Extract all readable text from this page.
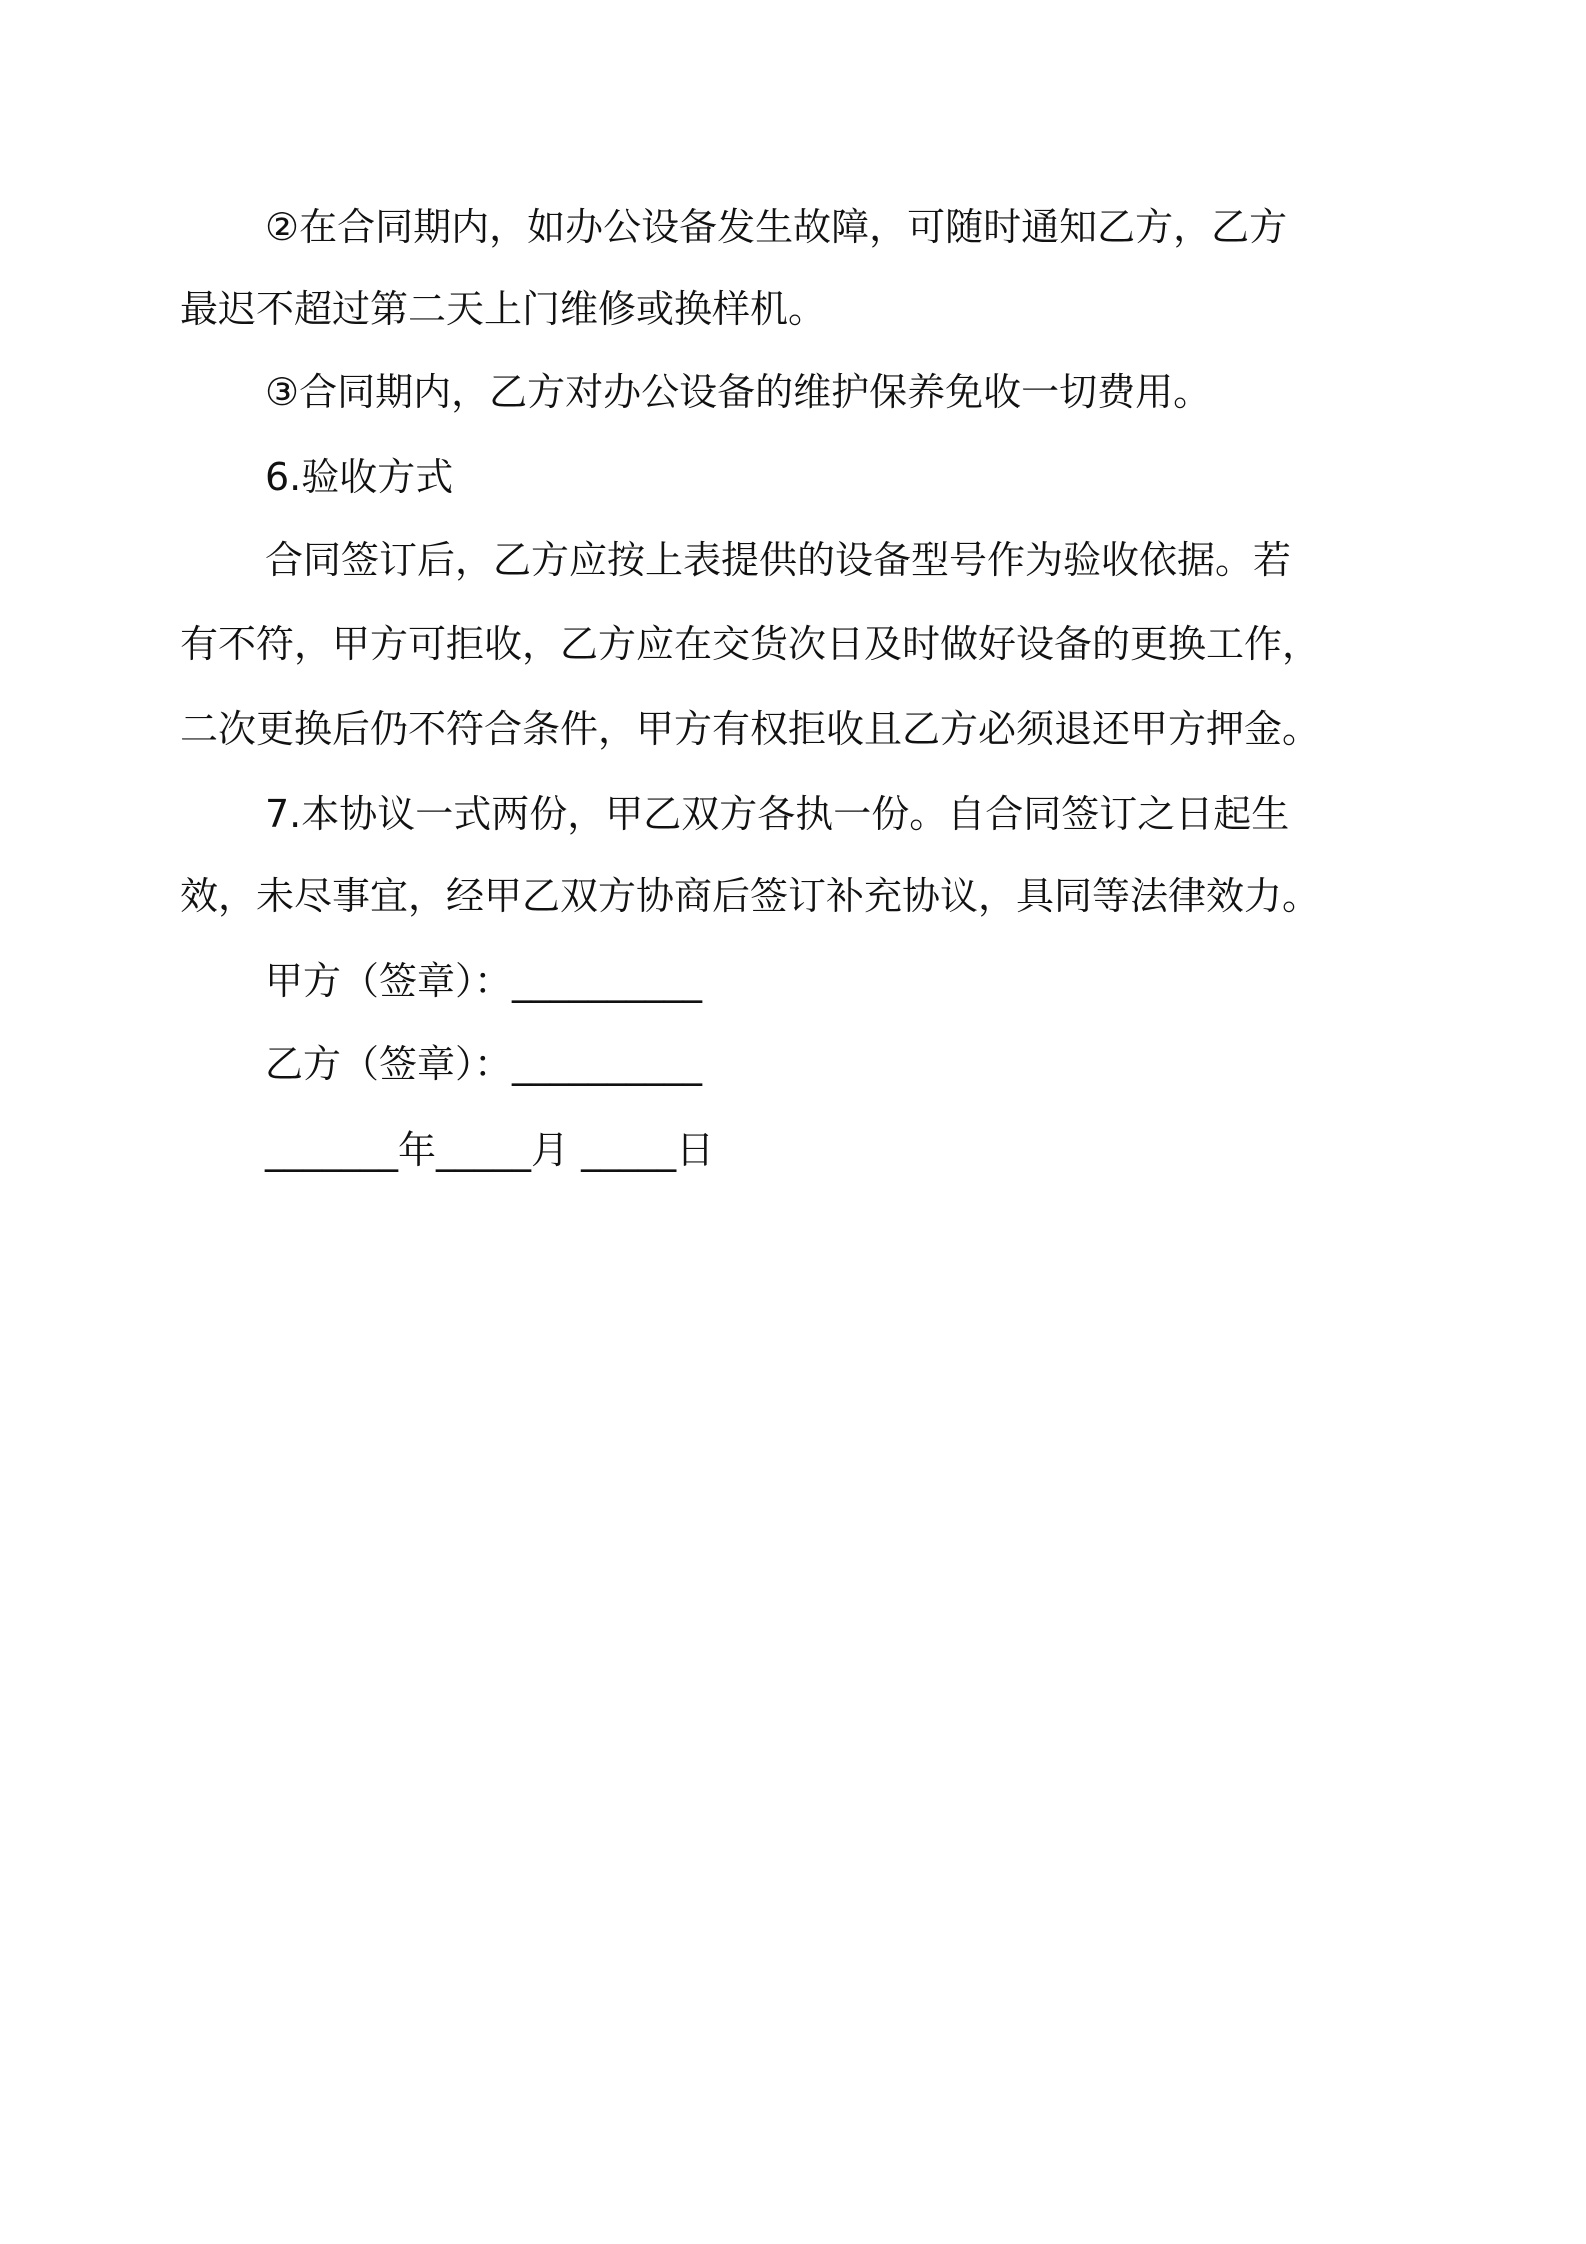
②在合同期内，如办公设备发生故障，可随时通知乙方，乙方
最迟不超过第二天上门维修或换样机。
③合同期内，乙方对办公设备的维护保养免收一切费用。
6.验收方式
合同签订后，乙方应按上表提供的设备型号作为验收依据。若
有不符，甲方可拒收，乙方应在交货次日及时做好设备的更换工作，
二次更换后仍不符合条件，甲方有权拒收且乙方必须退还甲方押金。
7.本协议一式两份，甲乙双方各执一份。自合同签订之日起生
效，未尽事宜，经甲乙双方协商后签订补充协议，具同等法律效力。
甲方（签章）：__________
乙方（签章）：__________
_______年_____月 _____日
